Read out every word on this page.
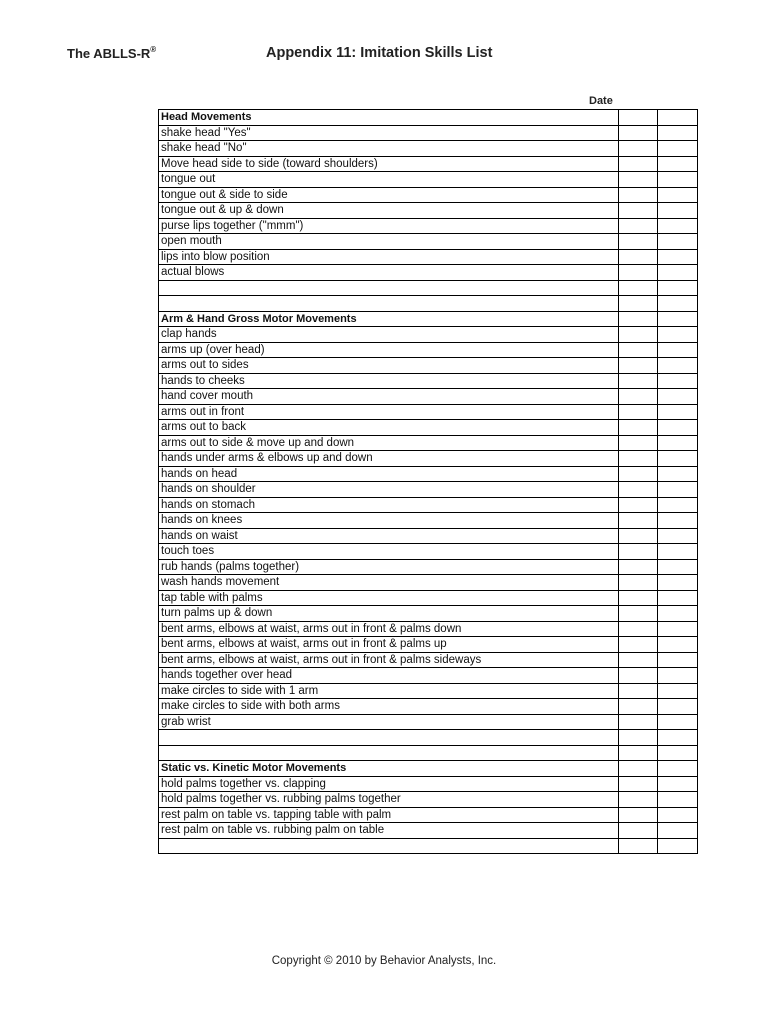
The ABLLS-R®	Appendix 11: Imitation Skills List
Date
Head Movements		
shake head "Yes"		
shake head "No"		
Move head side to side (toward shoulders)		
tongue out		
tongue out & side to side		
tongue out & up & down		
purse lips together ("mmm")		
open mouth		
lips into blow position		
actual blows		

Arm & Hand Gross Motor Movements		
clap hands		
arms up (over head)		
arms out to sides		
hands to cheeks		
hand cover mouth		
arms out in front		
arms out to back		
arms out to side & move up and down		
hands under arms & elbows up and down		
hands on head		
hands on shoulder		
hands on stomach		
hands on knees		
hands on waist		
touch toes		
rub hands (palms together)		
wash hands movement		
tap table with palms		
turn palms up & down		
bent arms, elbows at waist, arms out in front & palms down		
bent arms, elbows at waist, arms out in front & palms up		
bent arms, elbows at waist, arms out in front & palms sideways		
hands together over head		
make circles to side with 1 arm		
make circles to side with both arms		
grab wrist		

Static vs. Kinetic Motor Movements		
hold palms together vs. clapping		
hold palms together vs. rubbing palms together		
rest palm on table vs. tapping table with palm		
rest palm on table vs. rubbing palm on table		

Copyright © 2010 by Behavior Analysts, Inc.
